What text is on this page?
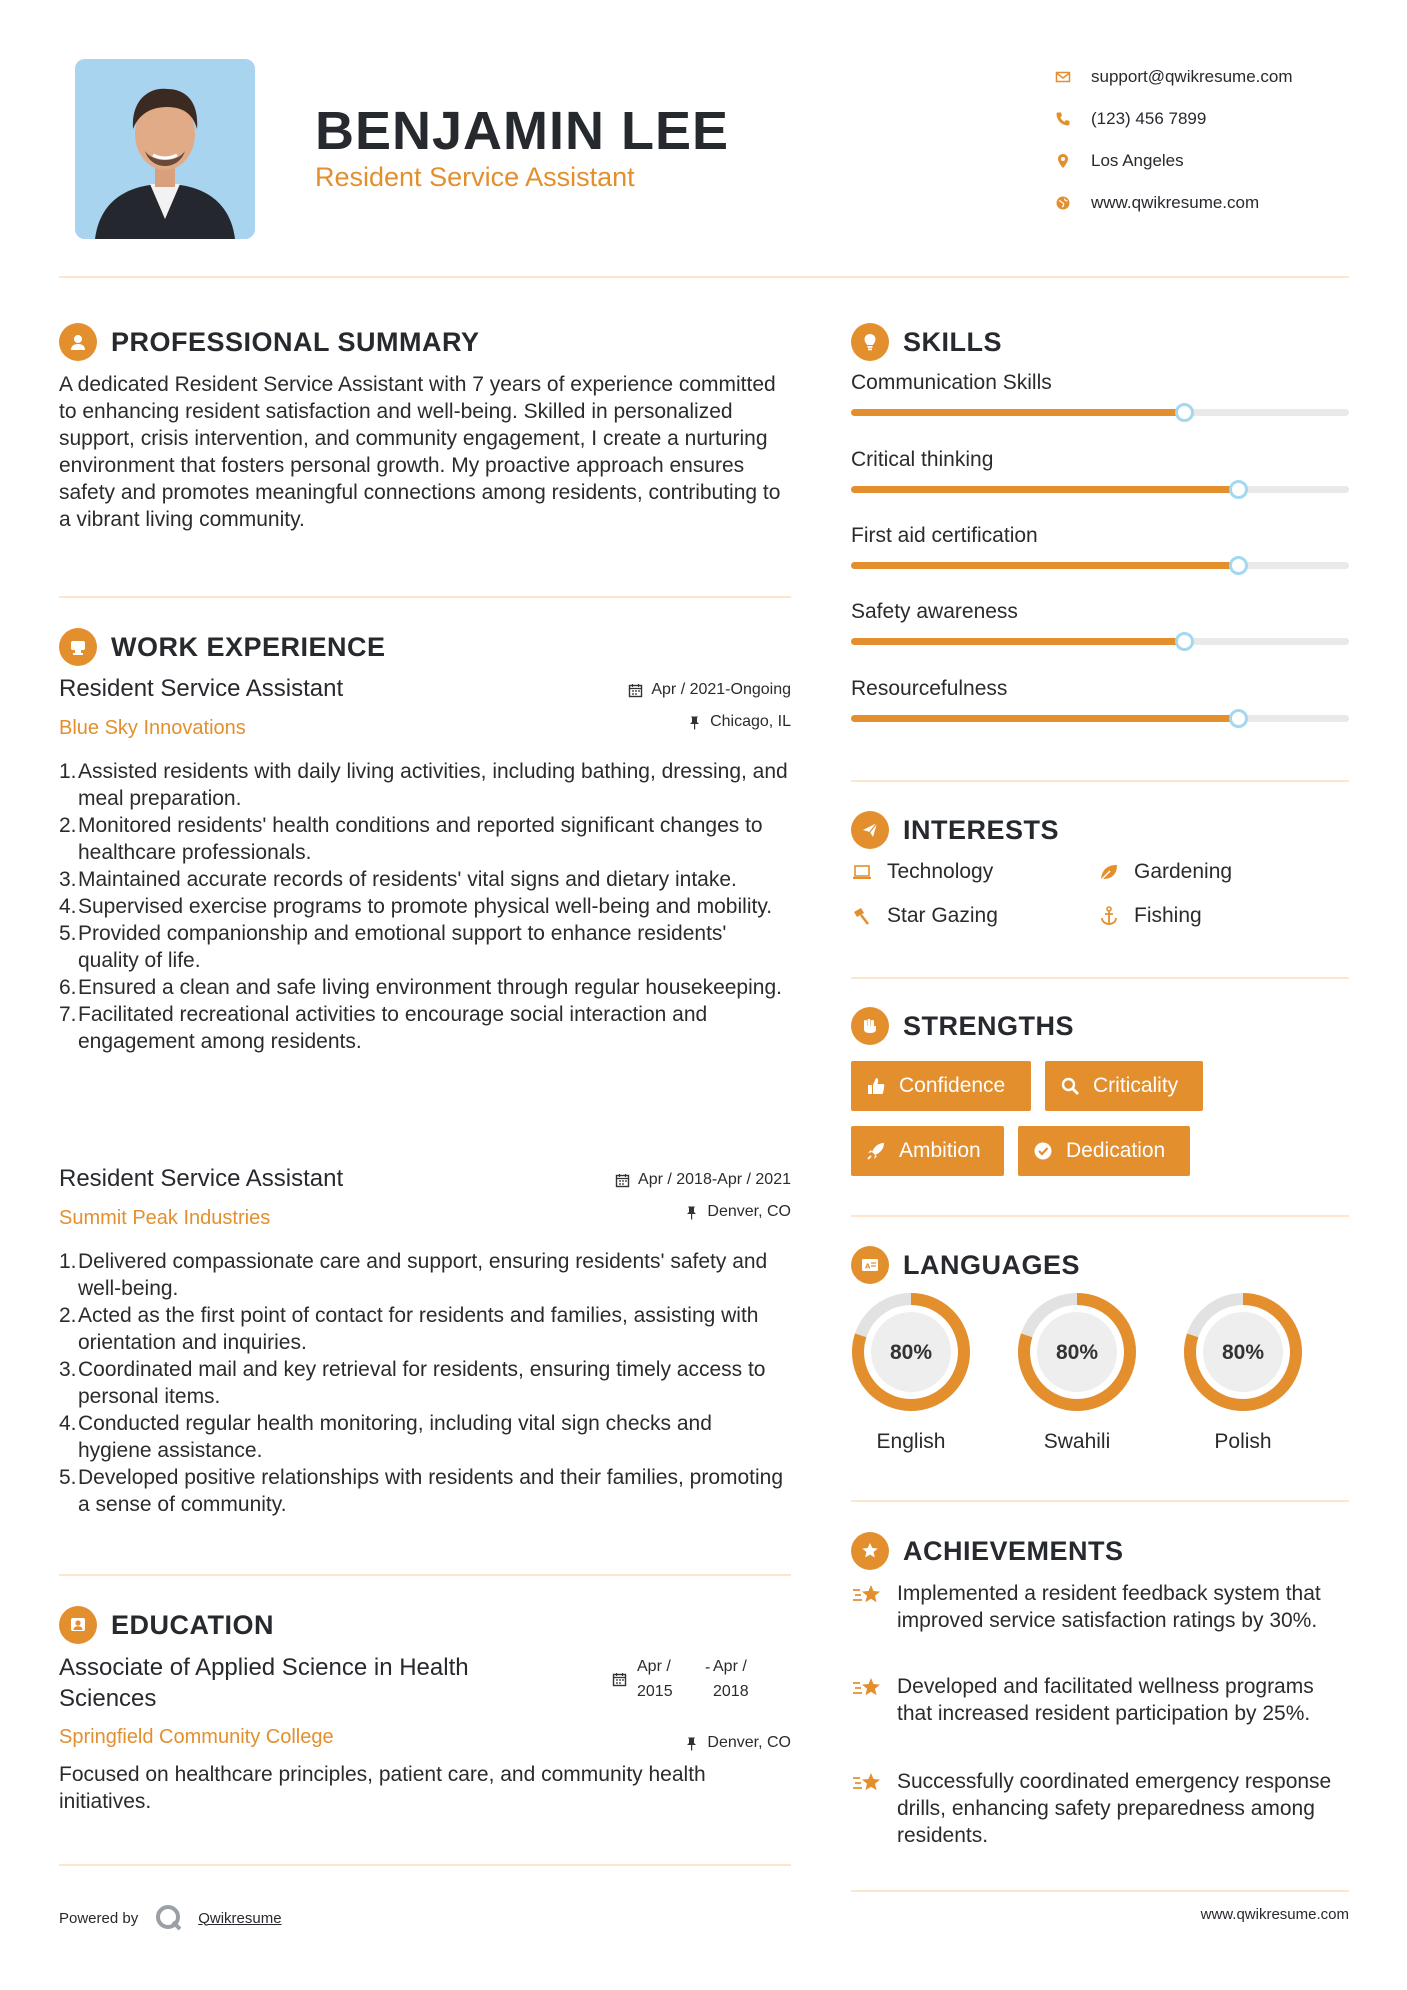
BENJAMIN LEE
Resident Service Assistant
support@qwikresume.com
(123) 456 7899
Los Angeles
www.qwikresume.com
PROFESSIONAL SUMMARY
A dedicated Resident Service Assistant with 7 years of experience committed to enhancing resident satisfaction and well-being. Skilled in personalized support, crisis intervention, and community engagement, I create a nurturing environment that fosters personal growth. My proactive approach ensures safety and promotes meaningful connections among residents, contributing to a vibrant living community.
WORK EXPERIENCE
Resident Service Assistant
Blue Sky Innovations
Apr / 2021-Ongoing
Chicago, IL
1. Assisted residents with daily living activities, including bathing, dressing, and meal preparation.
2. Monitored residents' health conditions and reported significant changes to healthcare professionals.
3. Maintained accurate records of residents' vital signs and dietary intake.
4. Supervised exercise programs to promote physical well-being and mobility.
5. Provided companionship and emotional support to enhance residents' quality of life.
6. Ensured a clean and safe living environment through regular housekeeping.
7. Facilitated recreational activities to encourage social interaction and engagement among residents.
Resident Service Assistant
Summit Peak Industries
Apr / 2018-Apr / 2021
Denver, CO
1. Delivered compassionate care and support, ensuring residents' safety and well-being.
2. Acted as the first point of contact for residents and families, assisting with orientation and inquiries.
3. Coordinated mail and key retrieval for residents, ensuring timely access to personal items.
4. Conducted regular health monitoring, including vital sign checks and hygiene assistance.
5. Developed positive relationships with residents and their families, promoting a sense of community.
EDUCATION
Associate of Applied Science in Health
Sciences
Springfield Community College
Apr /
2015
- Apr /
2018
Denver, CO
Focused on healthcare principles, patient care, and community health initiatives.
SKILLS
Communication Skills
Critical thinking
First aid certification
Safety awareness
Resourcefulness
INTERESTS
Technology	Gardening
Star Gazing	Fishing
STRENGTHS
Confidence	Criticality
Ambition	Dedication
A LANGUAGES
80%
English
80%
Swahili
80%
Polish
ACHIEVEMENTS
Implemented a resident feedback system that improved service satisfaction ratings by 30%.
Developed and facilitated wellness programs that increased resident participation by 25%.
Successfully coordinated emergency response drills, enhancing safety preparedness among residents.
Powered by	Qwikresume	www.qwikresume.com
